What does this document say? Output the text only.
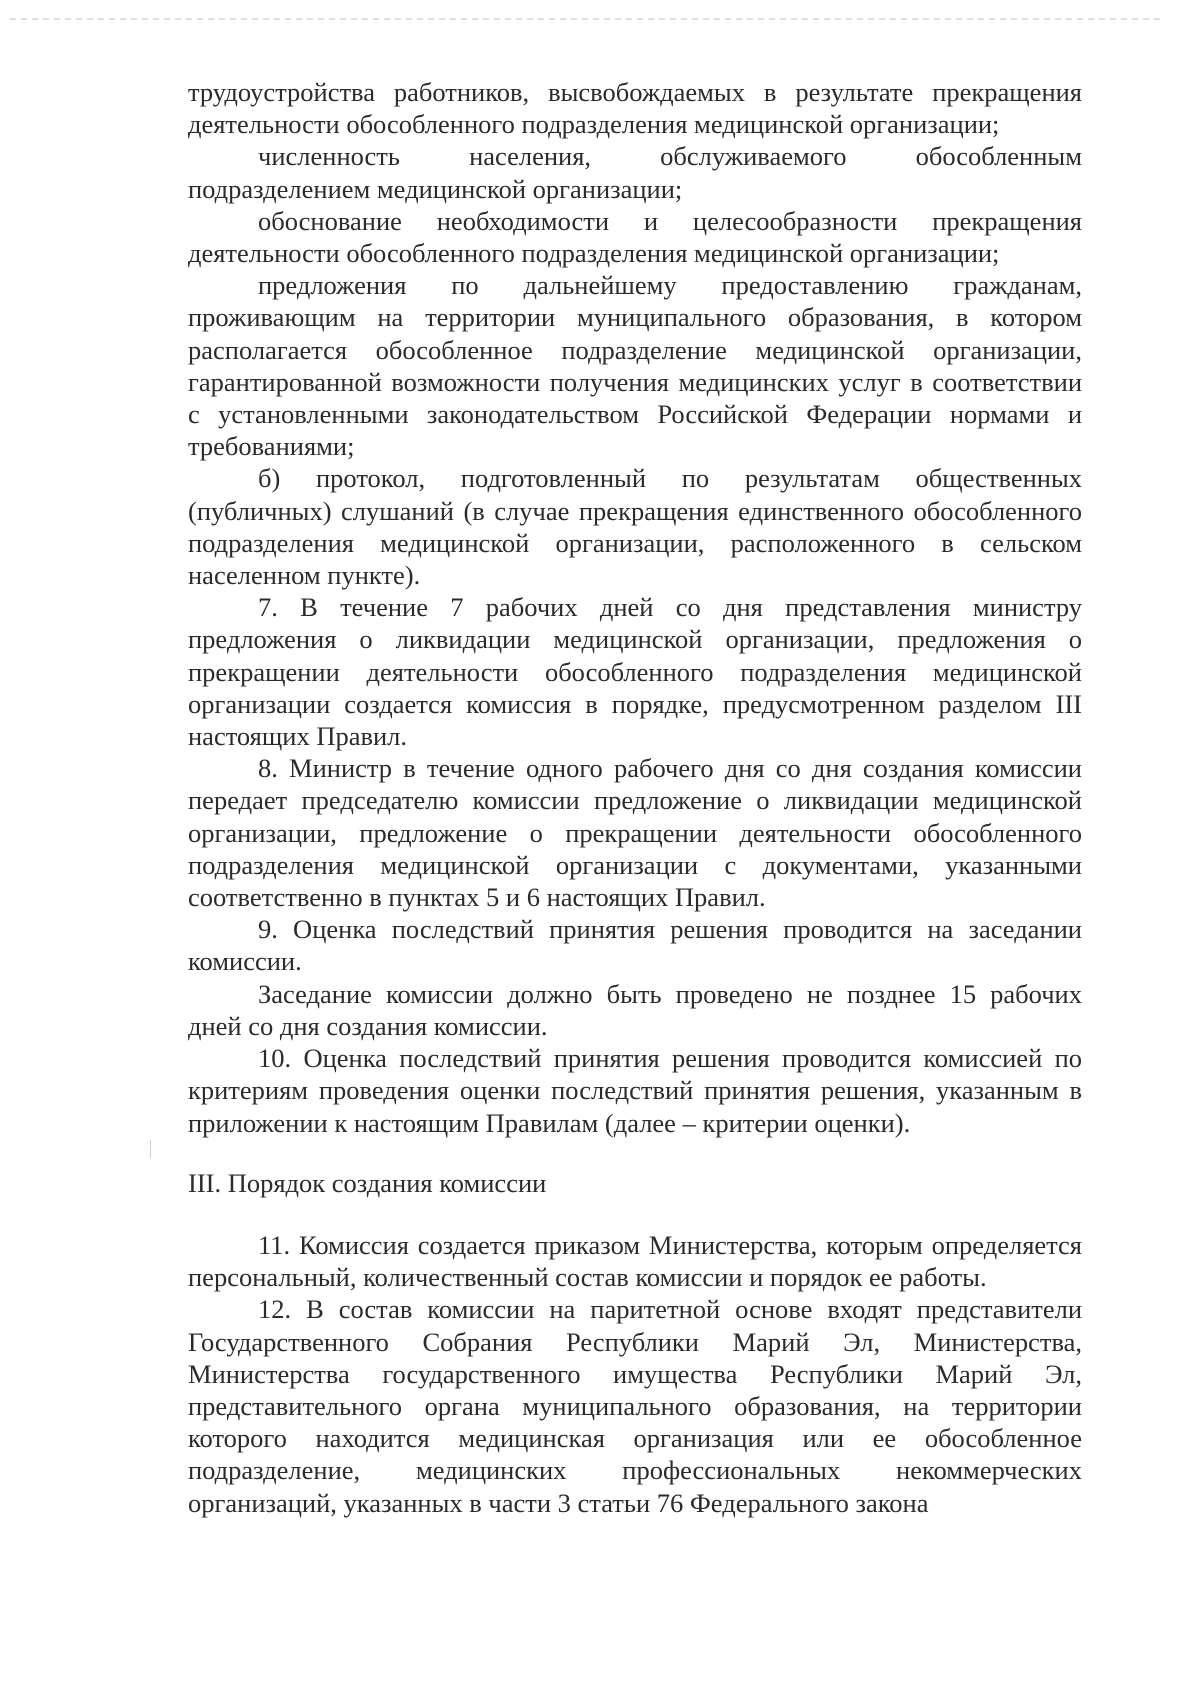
трудоустройства работников, высвобождаемых в результате прекращения деятельности обособленного подразделения медицинской организации;

численность населения, обслуживаемого обособленным подразделением медицинской организации;

обоснование необходимости и целесообразности прекращения деятельности обособленного подразделения медицинской организации;

предложения по дальнейшему предоставлению гражданам, проживающим на территории муниципального образования, в котором располагается обособленное подразделение медицинской организации, гарантированной возможности получения медицинских услуг в соответствии с установленными законодательством Российской Федерации нормами и требованиями;

б) протокол, подготовленный по результатам общественных (публичных) слушаний (в случае прекращения единственного обособленного подразделения медицинской организации, расположенного в сельском населенном пункте).

7. В течение 7 рабочих дней со дня представления министру предложения о ликвидации медицинской организации, предложения о прекращении деятельности обособленного подразделения медицинской организации создается комиссия в порядке, предусмотренном разделом III настоящих Правил.

8. Министр в течение одного рабочего дня со дня создания комиссии передает председателю комиссии предложение о ликвидации медицинской организации, предложение о прекращении деятельности обособленного подразделения медицинской организации с документами, указанными соответственно в пунктах 5 и 6 настоящих Правил.

9. Оценка последствий принятия решения проводится на заседании комиссии.

Заседание комиссии должно быть проведено не позднее 15 рабочих дней со дня создания комиссии.

10. Оценка последствий принятия решения проводится комиссией по критериям проведения оценки последствий принятия решения, указанным в приложении к настоящим Правилам (далее – критерии оценки).

III. Порядок создания комиссии

11. Комиссия создается приказом Министерства, которым определяется персональный, количественный состав комиссии и порядок ее работы.

12. В состав комиссии на паритетной основе входят представители Государственного Собрания Республики Марий Эл, Министерства, Министерства государственного имущества Республики Марий Эл, представительного органа муниципального образования, на территории которого находится медицинская организация или ее обособленное подразделение, медицинских профессиональных некоммерческих организаций, указанных в части 3 статьи 76 Федерального закона
